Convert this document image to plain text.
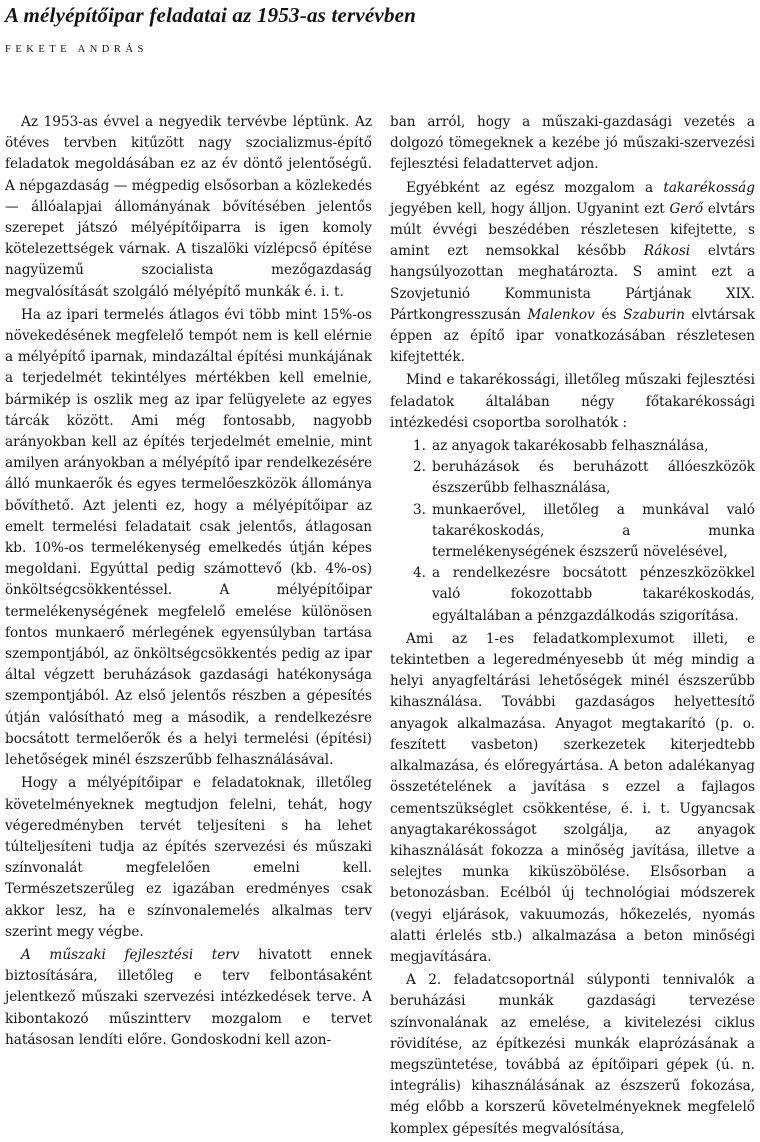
A mélyépítőipar feladatai az 1953-as tervévben
FEKETE ANDRÁS

Az 1953-as évvel a negyedik tervévbe léptünk. Az ötéves tervben kitűzött nagy szocializmus-építő feladatok megoldásában ez az év döntő jelentőségű. A népgazdaság — mégpedig elsősorban a közlekedés — állóalapjai állományának bővítésében jelentős szerepet játszó mélyépítőiparra is igen komoly kötelezettségek várnak. A tiszalöki vízlépcső építése nagyüzemű szocialista mezőgazdaság megvalósítását szolgáló mélyépítő munkák é. i. t.

Ha az ipari termelés átlagos évi több mint 15%-os növekedésének megfelelő tempót nem is kell elérnie a mélyépítő iparnak, mindazáltal építési munkájának a terjedelmét tekintélyes mértékben kell emelnie, bármikép is oszlik meg az ipar felügyelete az egyes tárcák között. Ami még fontosabb, nagyobb arányokban kell az építés terjedelmét emelnie, mint amilyen arányokban a mélyépítő ipar rendelkezésére álló munkaerők és egyes termelőeszközök állománya bővíthető. Azt jelenti ez, hogy a mélyépítőipar az emelt termelési feladatait csak jelentős, átlagosan kb. 10%-os termelékenység emelkedés útján képes megoldani. Egyúttal pedig számottevő (kb. 4%-os) önköltségcsökkentéssel. A mélyépítőipar termelékenységének megfelelő emelése különösen fontos munkaerő mérlegének egyensúlyban tartása szempontjából, az önköltségcsökkentés pedig az ipar által végzett beruházások gazdasági hatékonysága szempontjából. Az első jelentős részben a gépesítés útján valósítható meg a második, a rendelkezésre bocsátott termelőerők és a helyi termelési (építési) lehetőségek minél észszerűbb felhasználásával.

Hogy a mélyépítőipar e feladatoknak, illetőleg követelményeknek megtudjon felelni, tehát, hogy végeredményben tervét teljesíteni s ha lehet túlteljesíteni tudja az építés szervezési és műszaki színvonalát megfelelően emelni kell. Természetszerűleg ez igazában eredményes csak akkor lesz, ha e színvonalemelés alkalmas terv szerint megy végbe.

A műszaki fejlesztési terv hivatott ennek biztosítására, illetőleg e terv felbontásaként jelentkező műszaki szervezési intézkedések terve. A kibontakozó műszintterv mozgalom e tervet hatásosan lendíti előre. Gondoskodni kell azon-

ban arról, hogy a műszaki-gazdasági vezetés a dolgozó tömegeknek a kezébe jó műszaki-szervezési fejlesztési feladattervet adjon.

Egyébként az egész mozgalom a takarékosság jegyében kell, hogy álljon. Ugyanint ezt Gerő elvtárs múlt évvégi beszédében részletesen kifejtette, s amint ezt nemsokkal később Rákosi elvtárs hangsúlyozottan meghatározta. S amint ezt a Szovjetunió Kommunista Pártjának XIX. Pártkongresszusán Malenkov és Szaburin elvtársak éppen az építő ipar vonatkozásában részletesen kifejtették.

Mind e takarékossági, illetőleg műszaki fejlesztési feladatok általában négy főtakarékossági intézkedési csoportba sorolhatók :

1. az anyagok takarékosabb felhasználása,
2. beruházások és beruházott állóeszközök észszerűbb felhasználása,
3. munkaerővel, illetőleg a munkával való takarékoskodás, a munka termelékenységének észszerű növelésével,
4. a rendelkezésre bocsátott pénzeszközökkel való fokozottabb takarékoskodás, egyáltalában a pénzgazdálkodás szigorítása.

Ami az 1-es feladatkomplexumot illeti, e tekintetben a legeredményesebb út még mindig a helyi anyagfeltárási lehetőségek minél észszerűbb kihasználása. További gazdaságos helyettesítő anyagok alkalmazása. Anyagot megtakarító (p. o. feszített vasbeton) szerkezetek kiterjedtebb alkalmazása, és előregyártása. A beton adalékanyag összetételének a javítása s ezzel a fajlagos cementszükséglet csökkentése, é. i. t. Ugyancsak anyagtakarékosságot szolgálja, az anyagok kihasználását fokozza a minőség javítása, illetve a selejtes munka kiküszöbölése. Elsősorban a betonozásban. Ecélból új technológiai módszerek (vegyi eljárások, vakuumozás, hőkezelés, nyomás alatti érlelés stb.) alkalmazása a beton minőségi megjavítására.

A 2. feladatcsoportnál súlyponti tennivalók a beruházási munkák gazdasági tervezése színvonalának az emelése, a kivitelezési ciklus rövidítése, az építkezési munkák elaprózásának a megszüntetése, továbbá az építőipari gépek (ú. n. integrális) kihasználásának az észszerű fokozása, még előbb a korszerű követelményeknek megfelelő komplex gépesítés megvalósítása,
